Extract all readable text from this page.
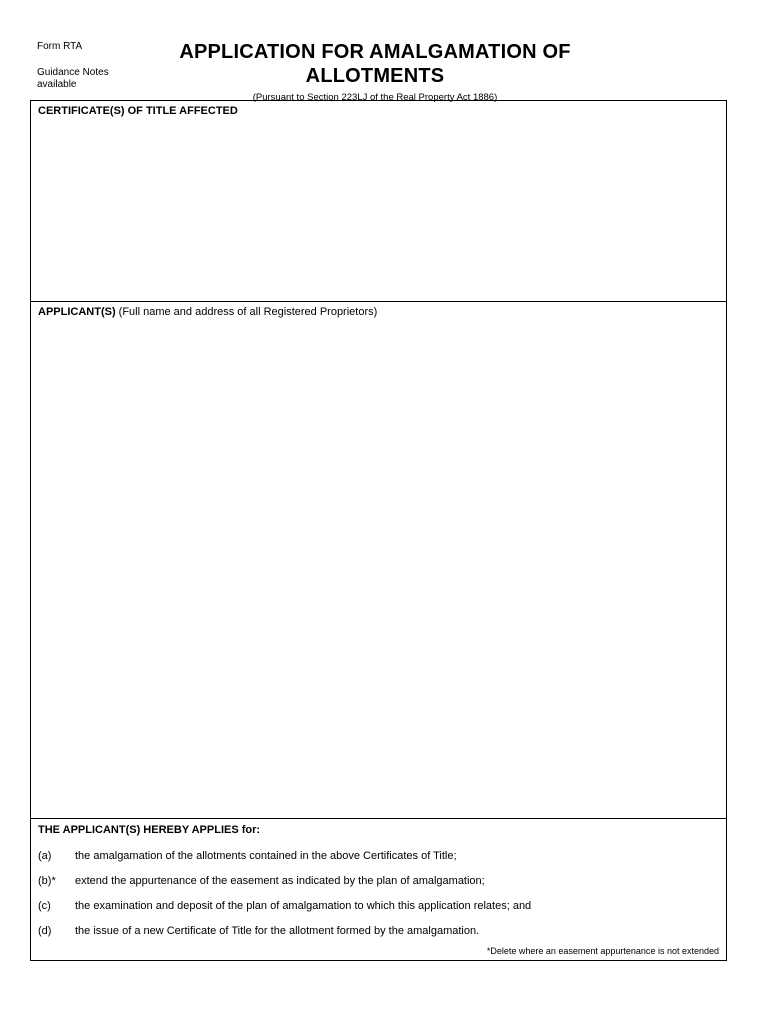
Form RTA
Guidance Notes
available
APPLICATION FOR AMALGAMATION OF
ALLOTMENTS
(Pursuant to Section 223LJ of the Real Property Act 1886)
CERTIFICATE(S) OF TITLE AFFECTED
APPLICANT(S) (Full name and address of all Registered Proprietors)
THE APPLICANT(S) HEREBY APPLIES for:
(a)	the amalgamation of the allotments contained in the above Certificates of Title;
(b)*	extend the appurtenance of the easement as indicated by the plan of amalgamation;
(c)	the examination and deposit of the plan of amalgamation to which this application relates; and
(d)	the issue of a new Certificate of Title for the allotment formed by the amalgamation.
*Delete where an easement appurtenance is not extended
